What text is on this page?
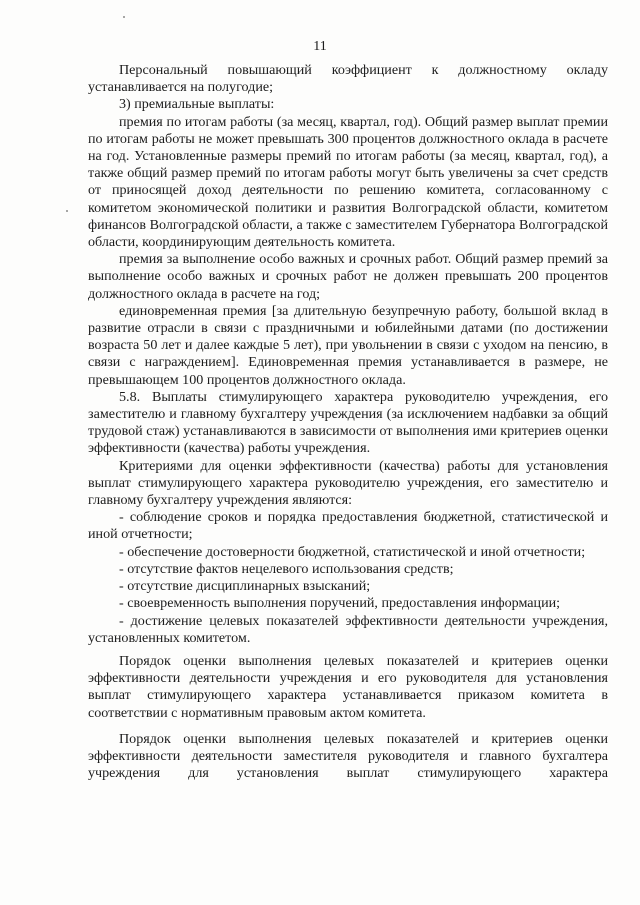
11

Персональный повышающий коэффициент к должностному окладу устанавливается на полугодие;

3) премиальные выплаты:

премия по итогам работы (за месяц, квартал, год). Общий размер выплат премии по итогам работы не может превышать 300 процентов должностного оклада в расчете на год. Установленные размеры премий по итогам работы (за месяц, квартал, год), а также общий размер премий по итогам работы могут быть увеличены за счет средств от приносящей доход деятельности по решению комитета, согласованному с комитетом экономической политики и развития Волгоградской области, комитетом финансов Волгоградской области, а также с заместителем Губернатора Волгоградской области, координирующим деятельность комитета.

премия за выполнение особо важных и срочных работ. Общий размер премий за выполнение особо важных и срочных работ не должен превышать 200 процентов должностного оклада в расчете на год;

единовременная премия [за длительную безупречную работу, большой вклад в развитие отрасли в связи с праздничными и юбилейными датами (по достижении возраста 50 лет и далее каждые 5 лет), при увольнении в связи с уходом на пенсию, в связи с награждением]. Единовременная премия устанавливается в размере, не превышающем 100 процентов должностного оклада.

5.8. Выплаты стимулирующего характера руководителю учреждения, его заместителю и главному бухгалтеру учреждения (за исключением надбавки за общий трудовой стаж) устанавливаются в зависимости от выполнения ими критериев оценки эффективности (качества) работы учреждения.

Критериями для оценки эффективности (качества) работы для установления выплат стимулирующего характера руководителю учреждения, его заместителю и главному бухгалтеру учреждения являются:

- соблюдение сроков и порядка предоставления бюджетной, статистической и иной отчетности;

- обеспечение достоверности бюджетной, статистической и иной отчетности;

- отсутствие фактов нецелевого использования средств;

- отсутствие дисциплинарных взысканий;

- своевременность выполнения поручений, предоставления информации;

- достижение целевых показателей эффективности деятельности учреждения, установленных комитетом.

Порядок оценки выполнения целевых показателей и критериев оценки эффективности деятельности учреждения и его руководителя для установления выплат стимулирующего характера устанавливается приказом комитета в соответствии с нормативным правовым актом комитета.

Порядок оценки выполнения целевых показателей и критериев оценки эффективности деятельности заместителя руководителя и главного бухгалтера учреждения для установления выплат стимулирующего характера
